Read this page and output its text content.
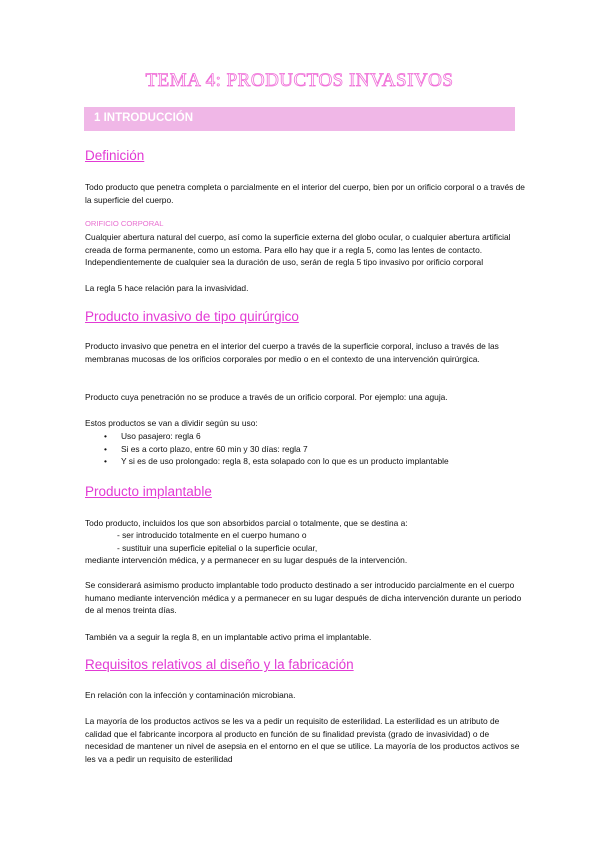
TEMA 4: PRODUCTOS INVASIVOS
1 INTRODUCCIÓN
Definición

Todo producto que penetra completa o parcialmente en el interior del cuerpo, bien por un orificio corporal o a través de la superficie del cuerpo.

ORIFICIO CORPORAL

Cualquier abertura natural del cuerpo, así como la superficie externa del globo ocular, o cualquier abertura artificial creada de forma permanente, como un estoma. Para ello hay que ir a regla 5, como las lentes de contacto. Independientemente de cualquier sea la duración de uso, serán de regla 5 tipo invasivo por orificio corporal

La regla 5 hace relación para la invasividad.

Producto invasivo de tipo quirúrgico

Producto invasivo que penetra en el interior del cuerpo a través de la superficie corporal, incluso a través de las membranas mucosas de los orificios corporales por medio o en el contexto de una intervención quirúrgica.

Producto cuya penetración no se produce a través de un orificio corporal. Por ejemplo: una aguja.

Estos productos se van a dividir según su uso:

• Uso pasajero: regla 6
• Si es a corto plazo, entre 60 min y 30 días: regla 7
• Y si es de uso prolongado: regla 8, esta solapado con lo que es un producto implantable
Producto implantable

Todo producto, incluidos los que son absorbidos parcial o totalmente, que se destina a:

- ser introducido totalmente en el cuerpo humano o
- sustituir una superficie epitelial o la superficie ocular,

mediante intervención médica, y a permanecer en su lugar después de la intervención.

Se considerará asimismo producto implantable todo producto destinado a ser introducido parcialmente en el cuerpo humano mediante intervención médica y a permanecer en su lugar después de dicha intervención durante un periodo de al menos treinta días.

También va a seguir la regla 8, en un implantable activo prima el implantable.

Requisitos relativos al diseño y la fabricación

En relación con la infección y contaminación microbiana.

La mayoría de los productos activos se les va a pedir un requisito de esterilidad. La esterilidad es un atributo de calidad que el fabricante incorpora al producto en función de su finalidad prevista (grado de invasividad) o de necesidad de mantener un nivel de asepsia en el entorno en el que se utilice. La mayoría de los productos activos se les va a pedir un requisito de esterilidad
